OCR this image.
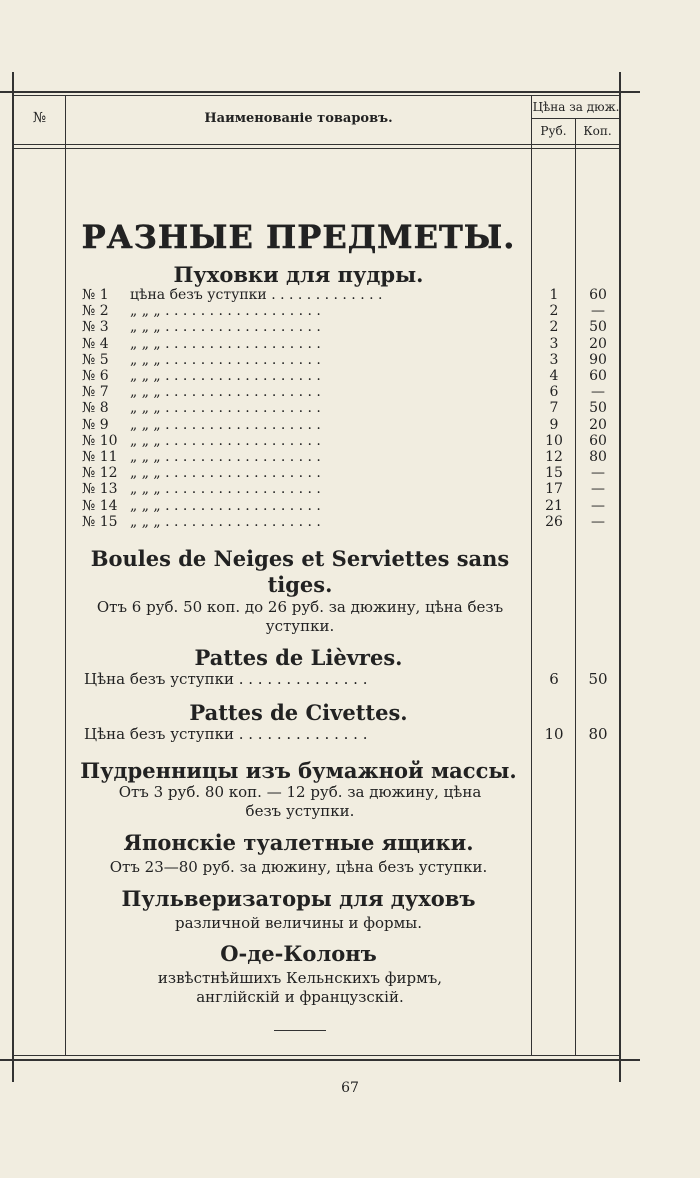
№	Наименованіе товаровъ.
Цѣна за дюж.
Руб.	Коп.
РАЗНЫЕ ПРЕДМЕТЫ.
Пуховки для пудры.
№ 1	цѣна безъ уступки . . . . . . . . . . . . .	1	60
№ 2	„ „ „ . . . . . . . . . . . . . . . . . .	2	—
№ 3	„ „ „ . . . . . . . . . . . . . . . . . .	2	50
№ 4	„ „ „ . . . . . . . . . . . . . . . . . .	3	20
№ 5	„ „ „ . . . . . . . . . . . . . . . . . .	3	90
№ 6	„ „ „ . . . . . . . . . . . . . . . . . .	4	60
№ 7	„ „ „ . . . . . . . . . . . . . . . . . .	6	—
№ 8	„ „ „ . . . . . . . . . . . . . . . . . .	7	50
№ 9	„ „ „ . . . . . . . . . . . . . . . . . .	9	20
№ 10 „ „ „ . . . . . . . . . . . . . . . . . .	10	60
№ 11 „ „ „ . . . . . . . . . . . . . . . . . .	12	80
№ 12 „ „ „ . . . . . . . . . . . . . . . . . .	15	—
№ 13 „ „ „ . . . . . . . . . . . . . . . . . .	17	—
№ 14 „ „ „ . . . . . . . . . . . . . . . . . .	21	—
№ 15 „ „ „ . . . . . . . . . . . . . . . . . .	26	—
Boules de Neiges et Serviettes sans tiges.
Отъ 6 руб. 50 коп. до 26 руб. за дюжину, цѣна безъ уступки.
Pattes de Lièvres.
Цѣна безъ уступки . . . . . . . . . . . . . .	6	50
Pattes de Civettes.
Цѣна безъ уступки . . . . . . . . . . . . . .	10	80
Пудренницы изъ бумажной массы.
Отъ 3 руб. 80 коп. — 12 руб. за дюжину, цѣна безъ уступки.
Японскіе туалетные ящики.
Отъ 23—80 руб. за дюжину, цѣна безъ уступки.
Пульверизаторы для духовъ
различной величины и формы.
О-де-Колонъ
извѣстнѣйшихъ Кельнскихъ фирмъ, англійскій и французскій.
67
